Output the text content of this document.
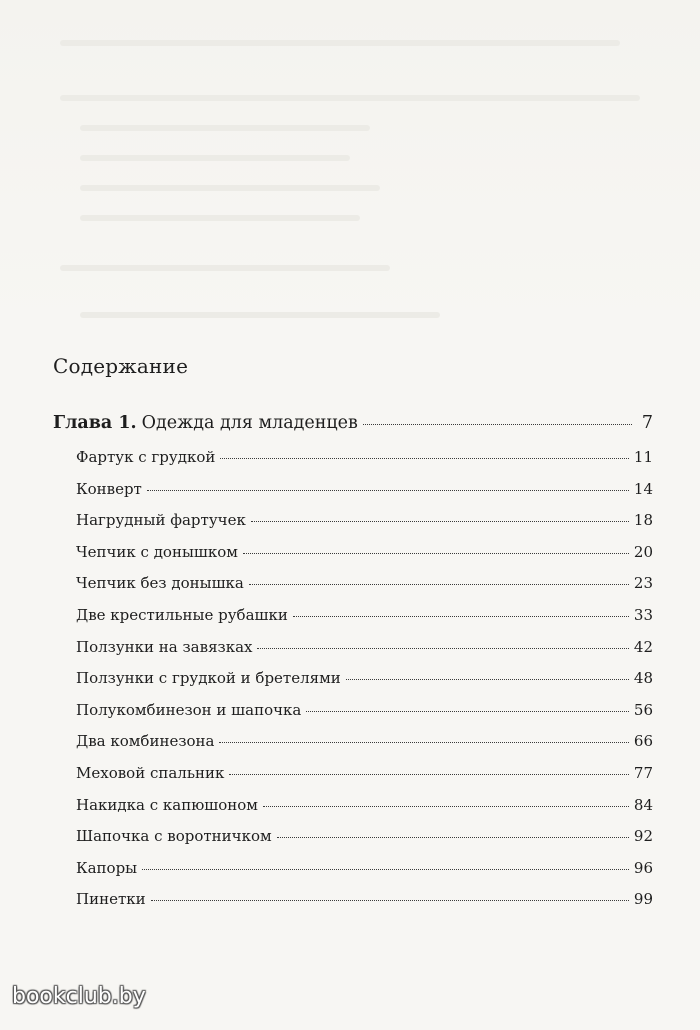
Содержание
Глава 1. Одежда для младенцев	7
Фартук с грудкой	11
Конверт	14
Нагрудный фартучек	18
Чепчик с донышком	20
Чепчик без донышка	23
Две крестильные рубашки	33
Ползунки на завязках	42
Ползунки с грудкой и бретелями	48
Полукомбинезон и шапочка	56
Два комбинезона	66
Меховой спальник	77
Накидка с капюшоном	84
Шапочка с воротничком	92
Капоры	96
Пинетки	99
bookclub.by
